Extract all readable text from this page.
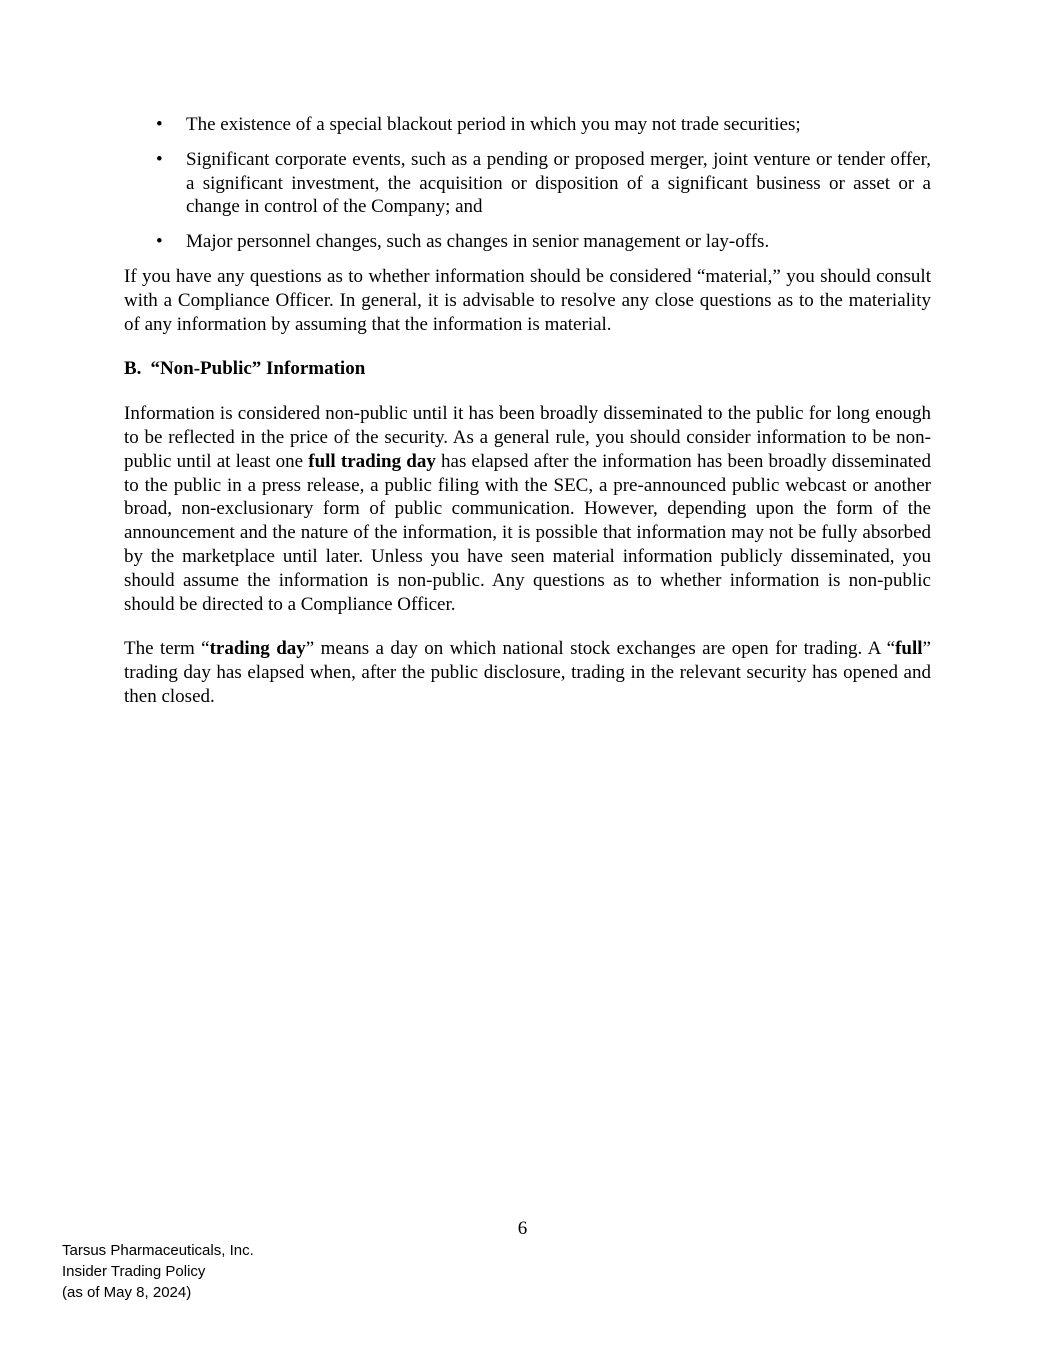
• The existence of a special blackout period in which you may not trade securities;
• Significant corporate events, such as a pending or proposed merger, joint venture or tender offer, a significant investment, the acquisition or disposition of a significant business or asset or a change in control of the Company; and
• Major personnel changes, such as changes in senior management or lay-offs.

If you have any questions as to whether information should be considered “material,” you should consult with a Compliance Officer. In general, it is advisable to resolve any close questions as to the materiality of any information by assuming that the information is material.

B. “Non-Public” Information

Information is considered non-public until it has been broadly disseminated to the public for long enough to be reflected in the price of the security. As a general rule, you should consider information to be non-public until at least one full trading day has elapsed after the information has been broadly disseminated to the public in a press release, a public filing with the SEC, a pre-announced public webcast or another broad, non-exclusionary form of public communication. However, depending upon the form of the announcement and the nature of the information, it is possible that information may not be fully absorbed by the marketplace until later. Unless you have seen material information publicly disseminated, you should assume the information is non-public. Any questions as to whether information is non-public should be directed to a Compliance Officer.

The term “trading day” means a day on which national stock exchanges are open for trading. A “full” trading day has elapsed when, after the public disclosure, trading in the relevant security has opened and then closed.

6
Tarsus Pharmaceuticals, Inc.
Insider Trading Policy
(as of May 8, 2024)
